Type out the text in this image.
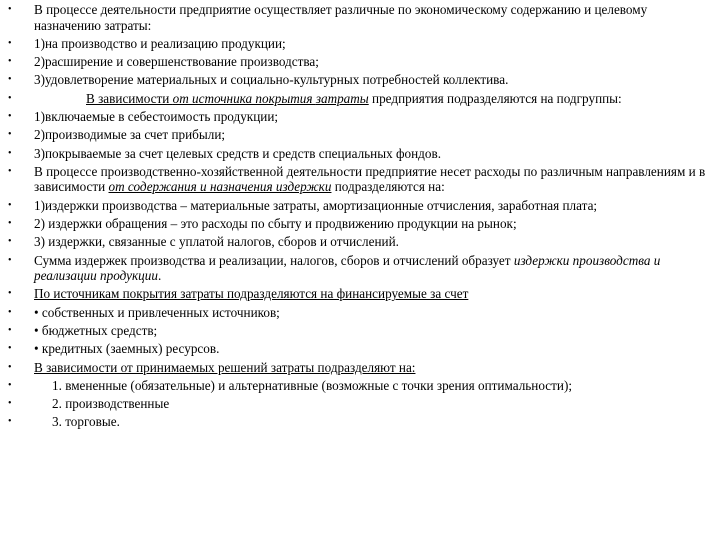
•	В процессе деятельности предприятие осуществляет различные по экономическому содержанию и целевому назначению затраты:
•	1)на производство и реализацию продукции;
•	2)расширение и совершенствование производства;
•	3)удовлетворение материальных и социально-культурных потребностей коллектива.
•	В зависимости от источника покрытия затраты предприятия подразделяются на подгруппы:
•	1)включаемые в себестоимость продукции;
•	2)производимые за счет прибыли;
•	3)покрываемые за счет целевых средств и средств специальных фондов.
•	В процессе производственно-хозяйственной деятельности предприятие несет расходы по различным направлениям и в зависимости от содержания и назначения издержки подразделяются на:
•	1)издержки производства – материальные затраты, амортизационные отчисления, заработная плата;
•	2) издержки обращения – это расходы по сбыту и продвижению продукции на рынок;
•	3) издержки, связанные с уплатой налогов, сборов и отчислений.
•	Сумма издержек производства и реализации, налогов, сборов и отчислений образует издержки производства и реализации продукции.
•	По источникам покрытия затраты подразделяются на финансируемые за счет
•	• собственных и привлеченных источников;
•	• бюджетных средств;
•	• кредитных (заемных) ресурсов.
•	В зависимости от принимаемых решений затраты подразделяют на:
•	1. вмененные (обязательные) и альтернативные (возможные с точки зрения оптимальности);
•	2. производственные
•	3. торговые.
